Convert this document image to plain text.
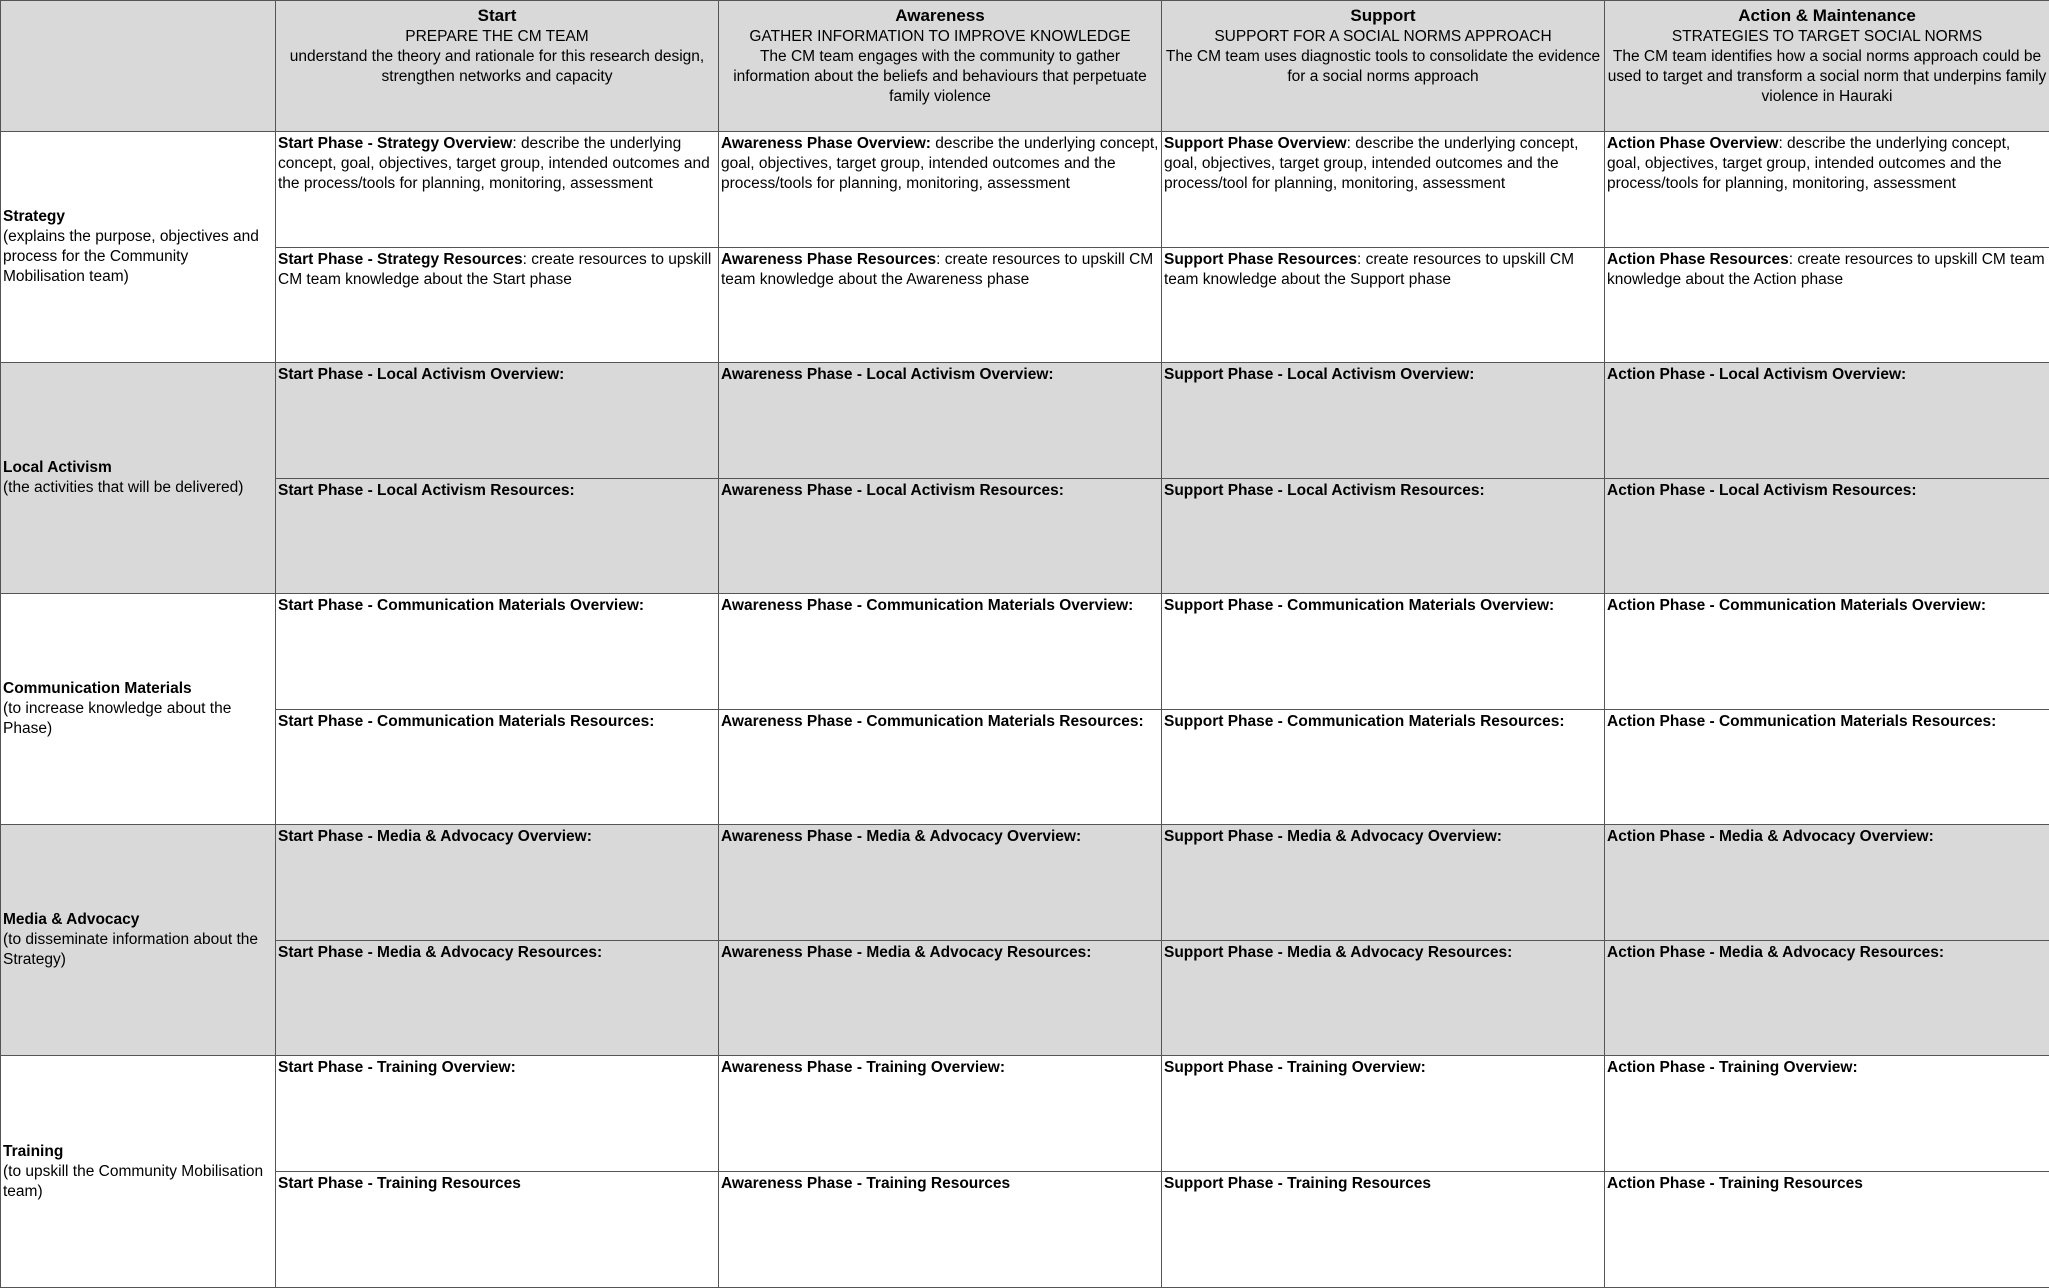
	Start
PREPARE THE CM TEAM
understand the theory and rationale for this research design, strengthen networks and capacity	Awareness
GATHER INFORMATION TO IMPROVE KNOWLEDGE
The CM team engages with the community to gather information about the beliefs and behaviours that perpetuate family violence	Support
SUPPORT FOR A SOCIAL NORMS APPROACH
The CM team uses diagnostic tools to consolidate the evidence for a social norms approach	Action & Maintenance
STRATEGIES TO TARGET SOCIAL NORMS
The CM team identifies how a social norms approach could be used to target and transform a social norm that underpins family violence in Hauraki

Strategy
(explains the purpose, objectives and process for the Community Mobilisation team)	Start Phase - Strategy Overview: describe the underlying concept, goal, objectives, target group, intended outcomes and the process/tools for planning, monitoring, assessment	Awareness Phase Overview: describe the underlying concept, goal, objectives, target group, intended outcomes and the process/tools for planning, monitoring, assessment	Support Phase Overview: describe the underlying concept, goal, objectives, target group, intended outcomes and the process/tool for planning, monitoring, assessment	Action Phase Overview: describe the underlying concept, goal, objectives, target group, intended outcomes and the process/tools for planning, monitoring, assessment

	Start Phase - Strategy Resources: create resources to upskill CM team knowledge about the Start phase	Awareness Phase Resources: create resources to upskill CM team knowledge about the Awareness phase	Support Phase Resources: create resources to upskill CM team knowledge about the Support phase	Action Phase Resources: create resources to upskill CM team knowledge about the Action phase

Local Activism
(the activities that will be delivered)	Start Phase - Local Activism Overview:	Awareness Phase - Local Activism Overview:	Support Phase - Local Activism Overview:	Action Phase - Local Activism Overview:

	Start Phase - Local Activism Resources:	Awareness Phase - Local Activism Resources:	Support Phase - Local Activism Resources:	Action Phase - Local Activism Resources:

Communication Materials
(to increase knowledge about the Phase)	Start Phase - Communication Materials Overview:	Awareness Phase - Communication Materials Overview:	Support Phase - Communication Materials Overview:	Action Phase - Communication Materials Overview:

	Start Phase - Communication Materials Resources:	Awareness Phase - Communication Materials Resources:	Support Phase - Communication Materials Resources:	Action Phase - Communication Materials Resources:

Media & Advocacy
(to disseminate information about the Strategy)	Start Phase - Media & Advocacy Overview:	Awareness Phase - Media & Advocacy Overview:	Support Phase - Media & Advocacy Overview:	Action Phase - Media & Advocacy Overview:

	Start Phase - Media & Advocacy Resources:	Awareness Phase - Media & Advocacy Resources:	Support Phase - Media & Advocacy Resources:	Action Phase - Media & Advocacy Resources:

Training
(to upskill the Community Mobilisation team)	Start Phase - Training Overview:	Awareness Phase - Training Overview:	Support Phase - Training Overview:	Action Phase - Training Overview:

	Start Phase - Training Resources	Awareness Phase - Training Resources	Support Phase - Training Resources	Action Phase - Training Resources
